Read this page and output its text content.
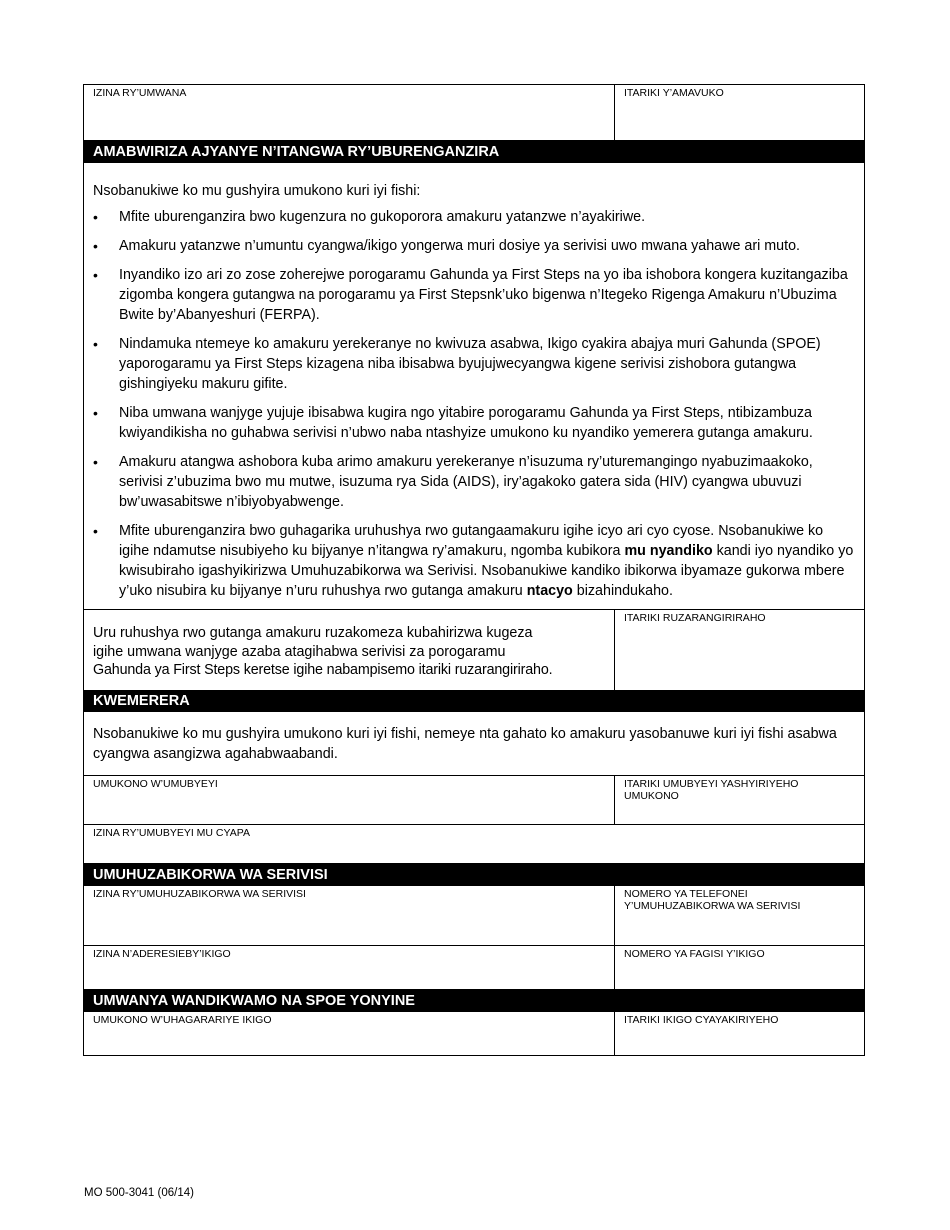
IZINA RY’UMWANA	ITARIKI Y’AMAVUKO
AMABWIRIZA AJYANYE N’ITANGWA RY’UBURENGANZIRA
Nsobanukiwe ko mu gushyira umukono kuri iyi fishi:
• Mfite uburenganzira bwo kugenzura no gukoporora amakuru yatanzwe n’ayakiriwe.
• Amakuru yatanzwe n’umuntu cyangwa/ikigo yongerwa muri dosiye ya serivisi uwo mwana yahawe ari muto.
• Inyandiko izo ari zo zose zoherejwe porogaramu Gahunda ya First Steps na yo iba ishobora kongera kuzitangaziba zigomba kongera gutangwa na porogaramu ya First Stepsnk’uko bigenwa n’Itegeko Rigenga Amakuru n’Ubuzima Bwite by’Abanyeshuri (FERPA).
• Nindamuka ntemeye ko amakuru yerekeranye no kwivuza asabwa, Ikigo cyakira abajya muri Gahunda (SPOE) yaporogaramu ya First Steps kizagena niba ibisabwa byujujwecyangwa kigene serivisi zishobora gutangwa gishingiyeku makuru gifite.
• Niba umwana wanjyge yujuje ibisabwa kugira ngo yitabire porogaramu Gahunda ya First Steps, ntibizambuza kwiyandikisha no guhabwa serivisi n’ubwo naba ntashyize umukono ku nyandiko yemerera gutanga amakuru.
• Amakuru atangwa ashobora kuba arimo amakuru yerekeranye n’isuzuma ry’uturemangingo nyabuzimaakoko, serivisi z’ubuzima bwo mu mutwe, isuzuma rya Sida (AIDS), iry’agakoko gatera sida (HIV) cyangwa ubuvuzi bw’uwasabitswe n’ibiyobyabwenge.
• Mfite uburenganzira bwo guhagarika uruhushya rwo gutangaamakuru igihe icyo ari cyo cyose. Nsobanukiwe ko igihe ndamutse nisubiyeho ku bijyanye n’itangwa ry’amakuru, ngomba kubikora mu nyandiko kandi iyo nyandiko yo kwisubiraho igashyikirizwa Umuhuzabikorwa wa Serivisi. Nsobanukiwe kandiko ibikorwa ibyamaze gukorwa mbere y’uko nisubira ku bijyanye n’uru ruhushya rwo gutanga amakuru ntacyo bizahindukaho.
Uru ruhushya rwo gutanga amakuru ruzakomeza kubahirizwa kugeza
igihe umwana wanjyge azaba atagihabwa serivisi za porogaramu
Gahunda ya First Steps keretse igihe nabampisemo itariki ruzarangiriraho.
ITARIKI RUZARANGIRIRAHO
KWEMERERA
Nsobanukiwe ko mu gushyira umukono kuri iyi fishi, nemeye nta gahato ko amakuru yasobanuwe kuri iyi fishi asabwa cyangwa asangizwa agahabwaabandi.
UMUKONO W’UMUBYEYI	ITARIKI UMUBYEYI YASHYIRIYEHO UMUKONO
IZINA RY’UMUBYEYI MU CYAPA
UMUHUZABIKORWA WA SERIVISI
IZINA RY’UMUHUZABIKORWA WA SERIVISI	NOMERO YA TELEFONEI
Y’UMUHUZABIKORWA WA SERIVISI
IZINA N’ADERESIEBY’IKIGO	NOMERO YA FAGISI Y’IKIGO
UMWANYA WANDIKWAMO NA SPOE YONYINE
UMUKONO W’UHAGARARIYE IKIGO	ITARIKI IKIGO CYAYAKIRIYEHO
MO 500-3041 (06/14)
